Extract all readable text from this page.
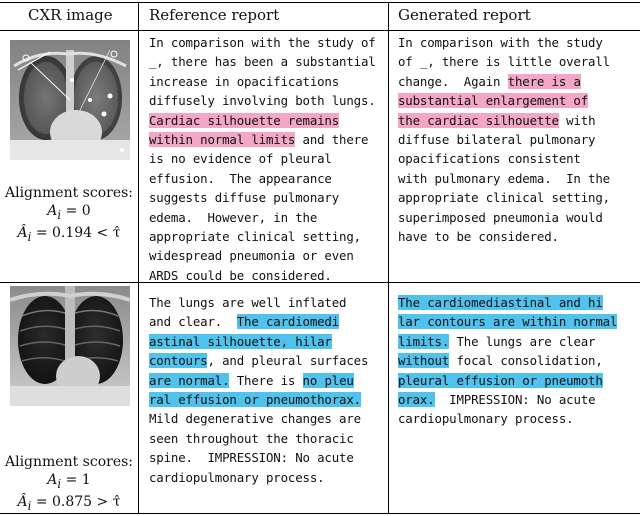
CXR image Reference report	Generated report
Alignment scores:
$A_i = 0$
$Â_i = 0.194$ < τ̂
In comparison with the study of
_, there has been a substantial
increase in opacifications
diffusely involving both lungs.
Cardiac silhouette remains
within normal limits and there
is no evidence of pleural
effusion.  The appearance
suggests diffuse pulmonary
edema.  However, in the
appropriate clinical setting,
widespread pneumonia or even
ARDS could be considered.
In comparison with the study
of _, there is little overall
change.  Again there is a
substantial enlargement of
the cardiac silhouette with
diffuse bilateral pulmonary
opacifications consistent
with pulmonary edema.  In the
appropriate clinical setting,
superimposed pneumonia would
have to be considered.
Alignment scores:
$A_i = 1$
$Â_i = 0.875$ > τ̂
The lungs are well inflated
and clear.  The cardiomedi
astinal silhouette, hilar
contours, and pleural surfaces
are normal. There is no pleu
ral effusion or pneumothorax.
Mild degenerative changes are
seen throughout the thoracic
spine.  IMPRESSION: No acute
cardiopulmonary process.
The cardiomediastinal and hi
lar contours are within normal
limits. The lungs are clear
without focal consolidation,
pleural effusion or pneumoth
orax.  IMPRESSION: No acute
cardiopulmonary process.
